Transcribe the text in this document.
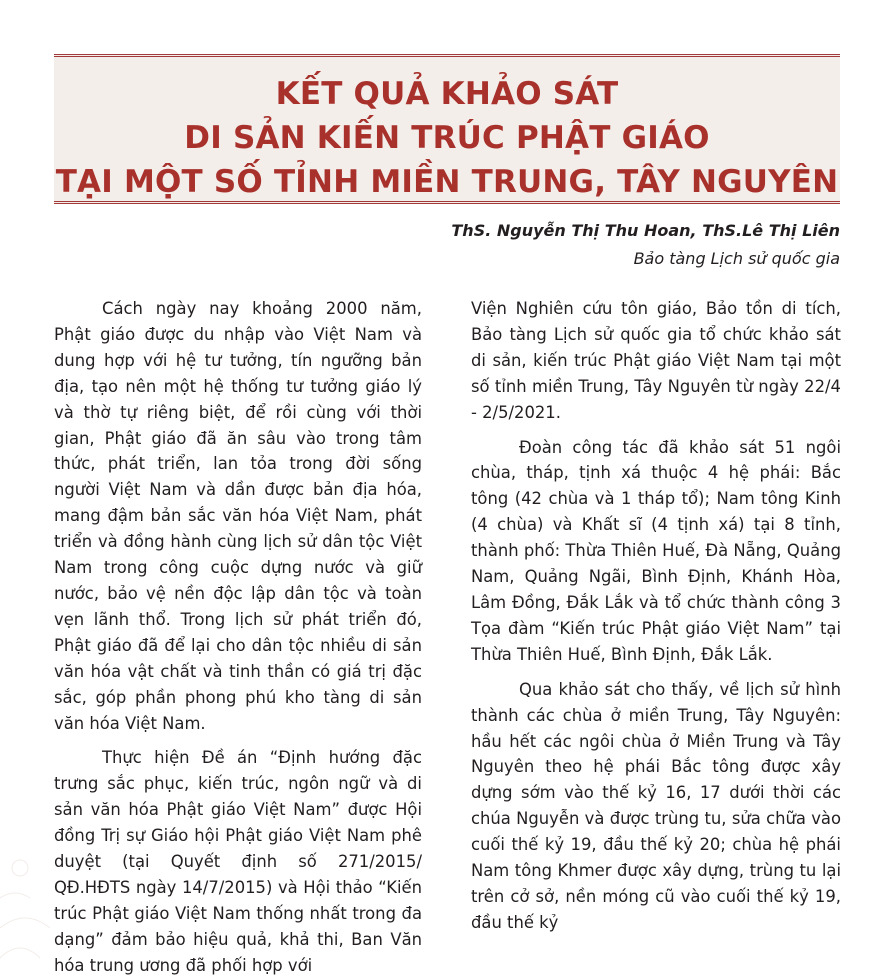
KẾT QUẢ KHẢO SÁT
DI SẢN KIẾN TRÚC PHẬT GIÁO
TẠI MỘT SỐ TỈNH MIỀN TRUNG, TÂY NGUYÊN
ThS. Nguyễn Thị Thu Hoan, ThS.Lê Thị Liên
Bảo tàng Lịch sử quốc gia

Cách ngày nay khoảng 2000 năm, Phật giáo được du nhập vào Việt Nam và dung hợp với hệ tư tưởng, tín ngưỡng bản địa, tạo nên một hệ thống tư tưởng giáo lý và thờ tự riêng biệt, để rồi cùng với thời gian, Phật giáo đã ăn sâu vào trong tâm thức, phát triển, lan tỏa trong đời sống người Việt Nam và dần được bản địa hóa, mang đậm bản sắc văn hóa Việt Nam, phát triển và đồng hành cùng lịch sử dân tộc Việt Nam trong công cuộc dựng nước và giữ nước, bảo vệ nền độc lập dân tộc và toàn vẹn lãnh thổ. Trong lịch sử phát triển đó, Phật giáo đã để lại cho dân tộc nhiều di sản văn hóa vật chất và tinh thần có giá trị đặc sắc, góp phần phong phú kho tàng di sản văn hóa Việt Nam.

Thực hiện Đề án “Định hướng đặc trưng sắc phục, kiến trúc, ngôn ngữ và di sản văn hóa Phật giáo Việt Nam” được Hội đồng Trị sự Giáo hội Phật giáo Việt Nam phê duyệt (tại Quyết định số 271/2015/ QĐ.HĐTS ngày 14/7/2015) và Hội thảo “Kiến trúc Phật giáo Việt Nam thống nhất trong đa dạng” đảm bảo hiệu quả, khả thi, Ban Văn hóa trung ương đã phối hợp với

Viện Nghiên cứu tôn giáo, Bảo tồn di tích, Bảo tàng Lịch sử quốc gia tổ chức khảo sát di sản, kiến trúc Phật giáo Việt Nam tại một số tỉnh miền Trung, Tây Nguyên từ ngày 22/4 - 2/5/2021.

Đoàn công tác đã khảo sát 51 ngôi chùa, tháp, tịnh xá thuộc 4 hệ phái: Bắc tông (42 chùa và 1 tháp tổ); Nam tông Kinh (4 chùa) và Khất sĩ (4 tịnh xá) tại 8 tỉnh, thành phố: Thừa Thiên Huế, Đà Nẵng, Quảng Nam, Quảng Ngãi, Bình Định, Khánh Hòa, Lâm Đồng, Đắk Lắk và tổ chức thành công 3 Tọa đàm “Kiến trúc Phật giáo Việt Nam” tại Thừa Thiên Huế, Bình Định, Đắk Lắk.

Qua khảo sát cho thấy, về lịch sử hình thành các chùa ở miền Trung, Tây Nguyên: hầu hết các ngôi chùa ở Miền Trung và Tây Nguyên theo hệ phái Bắc tông được xây dựng sớm vào thế kỷ 16, 17 dưới thời các chúa Nguyễn và được trùng tu, sửa chữa vào cuối thế kỷ 19, đầu thế kỷ 20; chùa hệ phái Nam tông Khmer được xây dựng, trùng tu lại trên cở sở, nền móng cũ vào cuối thế kỷ 19, đầu thế kỷ
